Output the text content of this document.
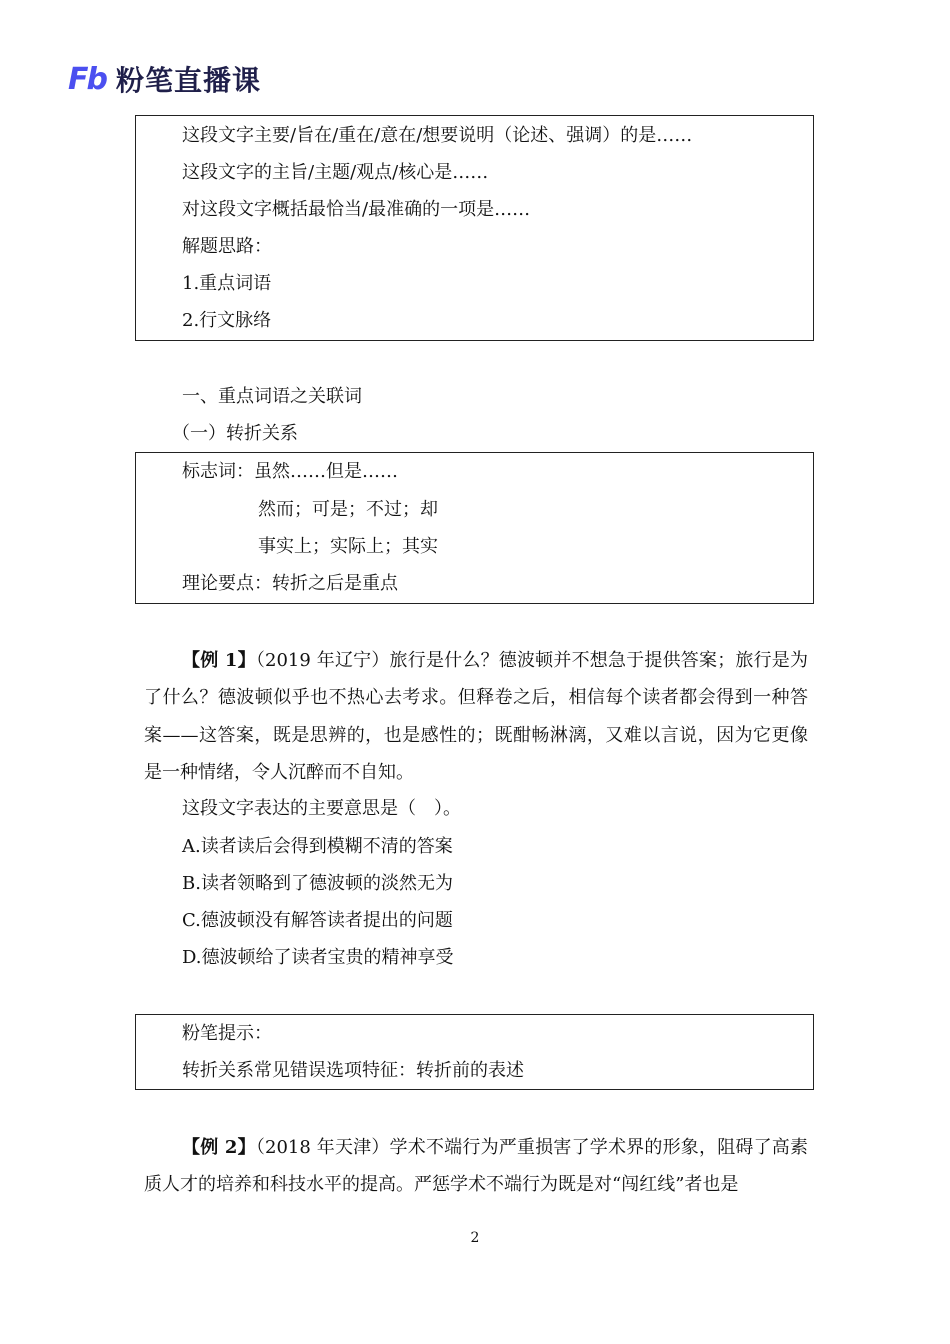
Fb 粉笔直播课
这段文字主要/旨在/重在/意在/想要说明（论述、强调）的是……
这段文字的主旨/主题/观点/核心是……
对这段文字概括最恰当/最准确的一项是……
解题思路：
1.重点词语
2.行文脉络
一、重点词语之关联词
（一）转折关系
标志词：虽然……但是……
然而；可是；不过；却
事实上；实际上；其实
理论要点：转折之后是重点
【例 1】（2019 年辽宁）旅行是什么？德波顿并不想急于提供答案；旅行是为了什么？德波顿似乎也不热心去考求。但释卷之后，相信每个读者都会得到一种答案——这答案，既是思辨的，也是感性的；既酣畅淋漓，又难以言说，因为它更像是一种情绪，令人沉醉而不自知。
这段文字表达的主要意思是（　）。
A.读者读后会得到模糊不清的答案
B.读者领略到了德波顿的淡然无为
C.德波顿没有解答读者提出的问题
D.德波顿给了读者宝贵的精神享受
粉笔提示：
转折关系常见错误选项特征：转折前的表述
【例 2】（2018 年天津）学术不端行为严重损害了学术界的形象，阻碍了高素质人才的培养和科技水平的提高。严惩学术不端行为既是对“闯红线”者也是
2
